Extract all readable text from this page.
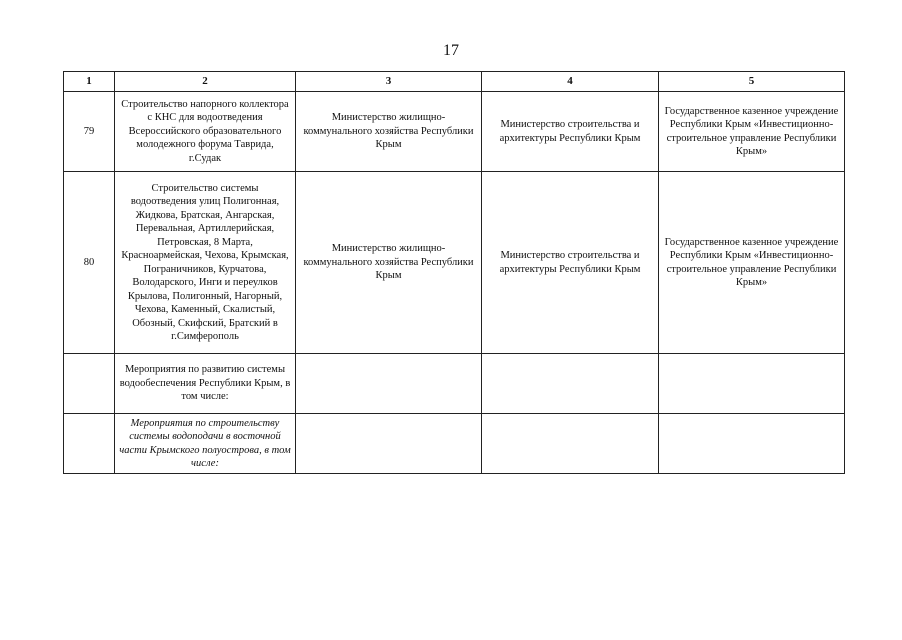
17
1	2	3	4	5
79	Строительство напорного коллектора с КНС для водоотведения Всероссийского образовательного молодежного форума Таврида, г.Судак	Министерство жилищно-коммунального хозяйства Республики Крым	Министерство строительства и архитектуры Республики Крым	Государственное казенное учреждение Республики Крым «Инвестиционно-строительное управление Республики Крым»
80	Строительство системы водоотведения улиц Полигонная, Жидкова, Братская, Ангарская, Перевальная, Артиллерийская, Петровская, 8 Марта, Красноармейская, Чехова, Крымская, Пограничников, Курчатова, Володарского, Инги и переулков Крылова, Полигонный, Нагорный, Чехова, Каменный, Скалистый, Обозный, Скифский, Братский в г.Симферополь	Министерство жилищно-коммунального хозяйства Республики Крым	Министерство строительства и архитектуры Республики Крым	Государственное казенное учреждение Республики Крым «Инвестиционно-строительное управление Республики Крым»
	Мероприятия по развитию системы водообеспечения Республики Крым, в том числе:			
	Мероприятия по строительству системы водоподачи в восточной части Крымского полуострова, в том числе:			
